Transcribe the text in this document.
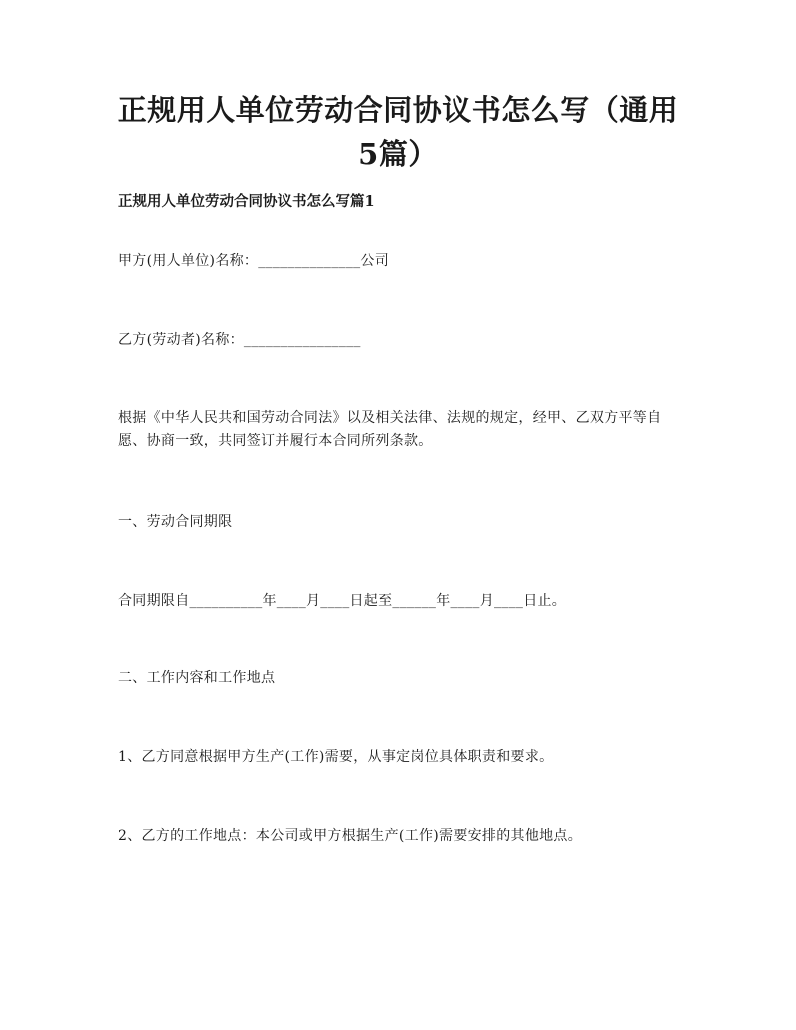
正规用人单位劳动合同协议书怎么写（通用
5篇）
正规用人单位劳动合同协议书怎么写篇1
甲方(用人单位)名称：______________公司
乙方(劳动者)名称：________________
根据《中华人民共和国劳动合同法》以及相关法律、法规的规定，经甲、乙双方平等自愿、协商一致，共同签订并履行本合同所列条款。
一、劳动合同期限
合同期限自__________年____月____日起至______年____月____日止。
二、工作内容和工作地点
1、乙方同意根据甲方生产(工作)需要，从事定岗位具体职责和要求。
2、乙方的工作地点：本公司或甲方根据生产(工作)需要安排的其他地点。
